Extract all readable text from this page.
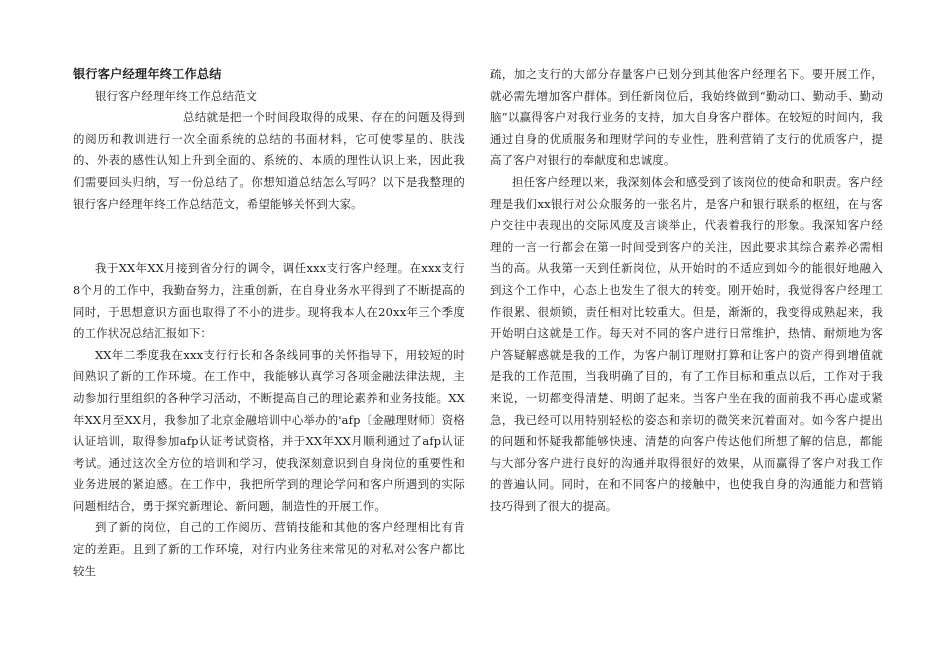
银行客户经理年终工作总结

银行客户经理年终工作总结范文

总结就是把一个时间段取得的成果、存在的问题及得到的阅历和教训进行一次全面系统的总结的书面材料，它可使零星的、肤浅的、外表的感性认知上升到全面的、系统的、本质的理性认识上来，因此我们需要回头归纳，写一份总结了。你想知道总结怎么写吗？以下是我整理的银行客户经理年终工作总结范文，希望能够关怀到大家。

我于XX年XX月接到省分行的调令，调任xxx支行客户经理。在xxx支行8个月的工作中，我勤奋努力，注重创新，在自身业务水平得到了不断提高的同时，于思想意识方面也取得了不小的进步。现将我本人在20xx年三个季度的工作状况总结汇报如下：

XX年二季度我在xxx支行行长和各条线同事的关怀指导下，用较短的时间熟识了新的工作环境。在工作中，我能够认真学习各项金融法律法规，主动参加行里组织的各种学习活动，不断提高自己的理论素养和业务技能。XX年XX月至XX月，我参加了北京金融培训中心举办的'afp〔金融理财师〕资格认证培训，取得参加afp认证考试资格，并于XX年XX月顺利通过了afp认证考试。通过这次全方位的培训和学习，使我深刻意识到自身岗位的重要性和业务进展的紧迫感。在工作中，我把所学到的理论学问和客户所遇到的实际问题相结合，勇于探究新理论、新问题，制造性的开展工作。

到了新的岗位，自己的工作阅历、营销技能和其他的客户经理相比有肯定的差距。且到了新的工作环境，对行内业务往来常见的对私对公客户都比较生

疏，加之支行的大部分存量客户已划分到其他客户经理名下。要开展工作，就必需先增加客户群体。到任新岗位后，我始终做到“勤动口、勤动手、勤动脑”以赢得客户对我行业务的支持，加大自身客户群体。在较短的时间内，我通过自身的优质服务和理财学问的专业性，胜利营销了支行的优质客户，提高了客户对银行的奉献度和忠诚度。

担任客户经理以来，我深刻体会和感受到了该岗位的使命和职责。客户经理是我们xx银行对公众服务的一张名片，是客户和银行联系的枢纽，在与客户交往中表现出的交际风度及言谈举止，代表着我行的形象。我深知客户经理的一言一行都会在第一时间受到客户的关注，因此要求其综合素养必需相当的高。从我第一天到任新岗位，从开始时的不适应到如今的能很好地融入到这个工作中，心态上也发生了很大的转变。刚开始时，我觉得客户经理工作很累、很烦锁，责任相对比较重大。但是，渐渐的，我变得成熟起来，我开始明白这就是工作。每天对不同的客户进行日常维护，热情、耐烦地为客户答疑解惑就是我的工作，为客户制订理财打算和让客户的资产得到增值就是我的工作范围，当我明确了目的，有了工作目标和重点以后，工作对于我来说，一切都变得清楚、明朗了起来。当客户坐在我的面前我不再心虚或紧急，我已经可以用特别轻松的姿态和亲切的微笑来沉着面对。如今客户提出的问题和怀疑我都能够快速、清楚的向客户传达他们所想了解的信息，都能与大部分客户进行良好的沟通并取得很好的效果，从而赢得了客户对我工作的普遍认同。同时，在和不同客户的接触中，也使我自身的沟通能力和营销技巧得到了很大的提高。
